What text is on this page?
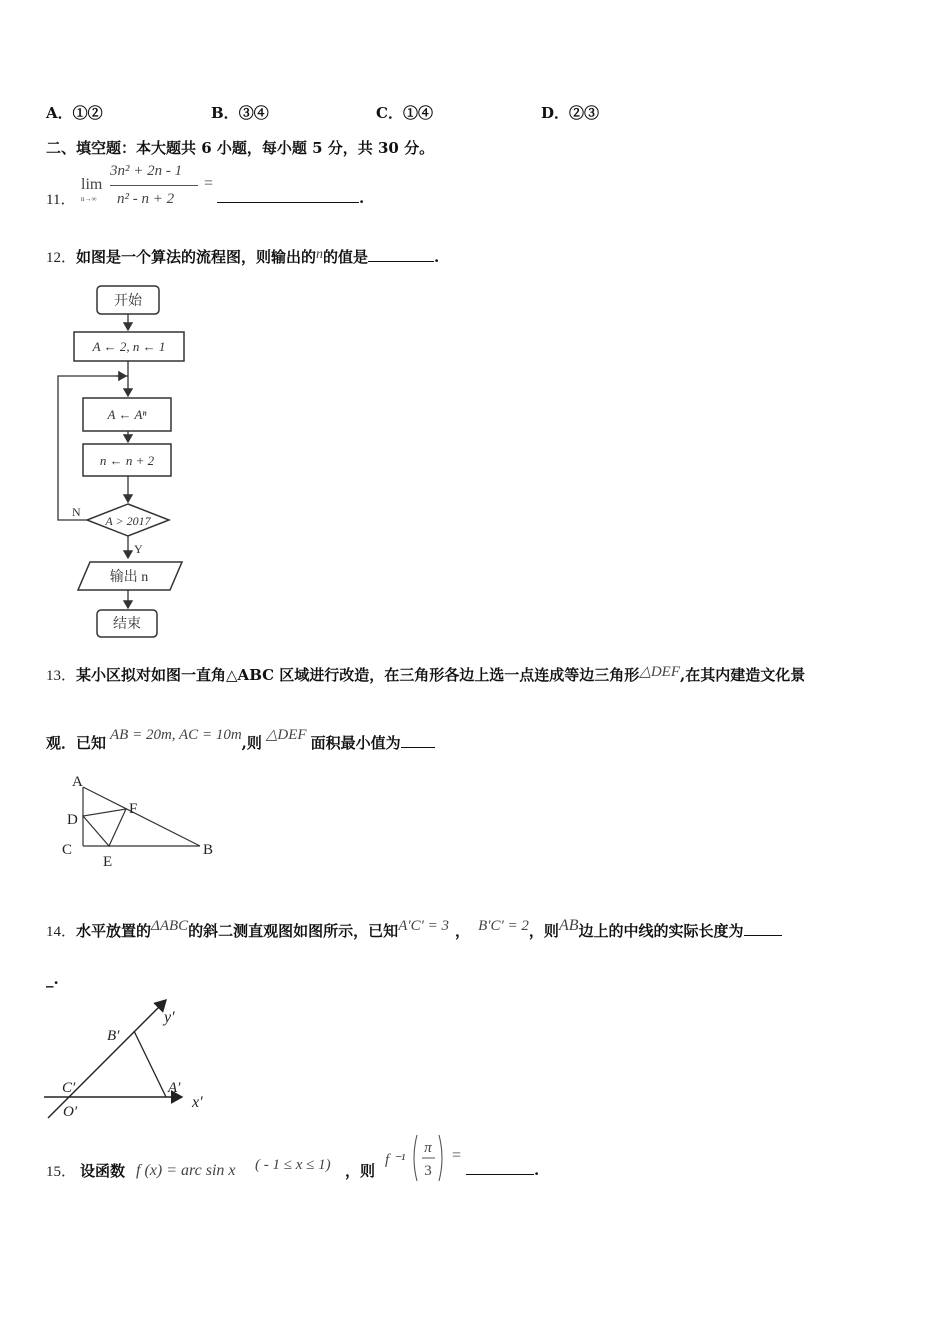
A．①②	B．③④	C．①④	D．②③
二、填空题：本大题共 6 小题，每小题 5 分，共 30 分。
11．
lim
n→∞
3n² + 2n - 1
n² - n + 2
=
.
12．如图是一个算法的流程图，则输出的n的值是	.
开始
A ← 2, n ← 1
A ← Aⁿ
n ← n + 2
A > 2017
N
Y
输出 n
结束
13．某小区拟对如图一直角△ABC 区域进行改造，在三角形各边上选一点连成等边三角形△DEF,在其内建造文化景
观．已知 AB = 20m, AC = 10m,则 △DEF 面积最小值为
A
B
C
D
E
F
14．水平放置的ΔABC的斜二测直观图如图所示，已知A′C′ = 3 ， B′C′ = 2，则AB边上的中线的实际长度为
_.
B′
C′
O′
A′
x′
y′
15． 设函数 f (x) = arc sin x ( - 1 ≤ x ≤ 1) ，则
f ⁻¹
π
3
=
.
